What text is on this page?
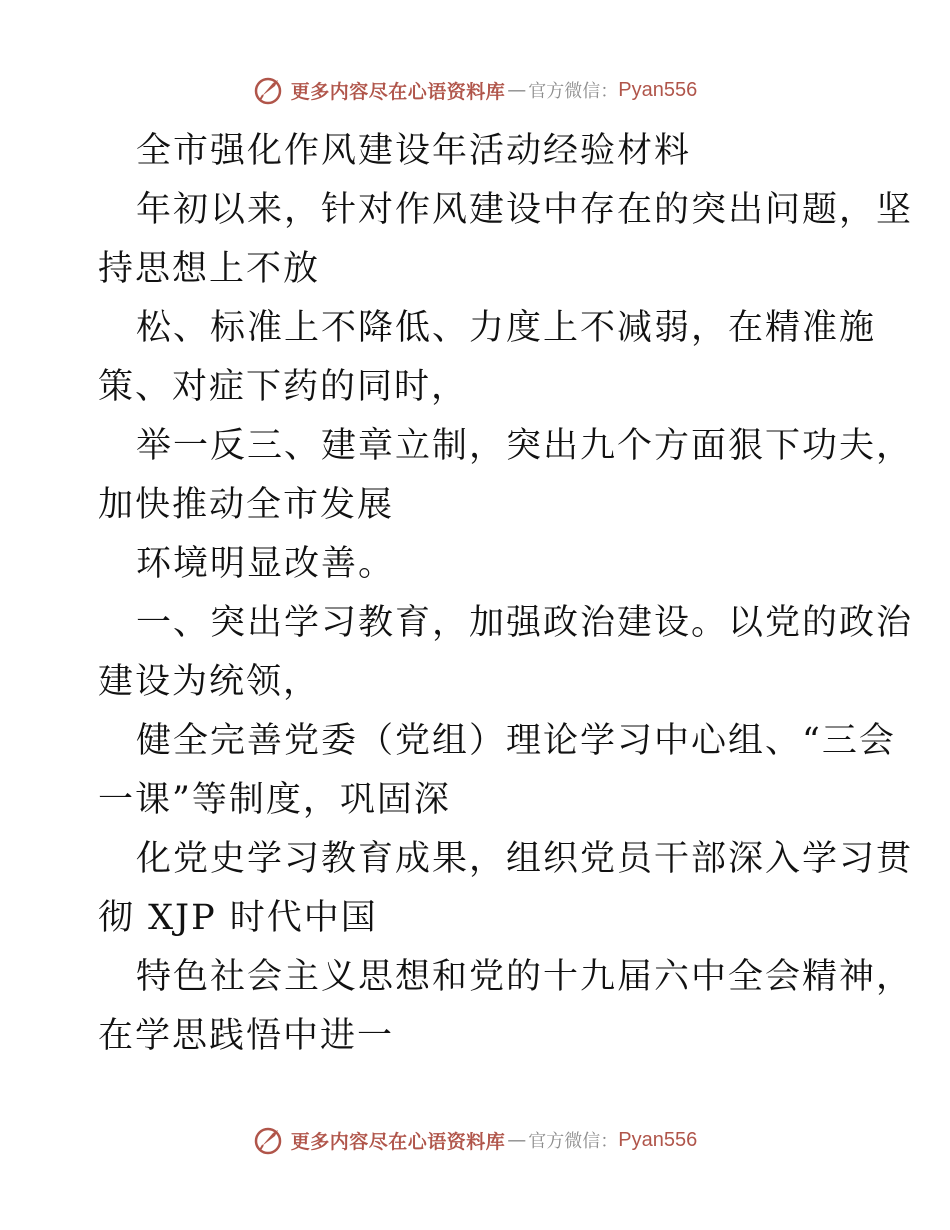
更多内容尽在心语资料库 — 官方微信： Pyan556
全市强化作风建设年活动经验材料
年初以来，针对作风建设中存在的突出问题，坚
持思想上不放
松、标准上不降低、力度上不减弱，在精准施
策、对症下药的同时，
举一反三、建章立制，突出九个方面狠下功夫，
加快推动全市发展
环境明显改善。
一、突出学习教育，加强政治建设。以党的政治
建设为统领，
健全完善党委（党组）理论学习中心组、“三会
一课”等制度，巩固深
化党史学习教育成果，组织党员干部深入学习贯
彻 XJP 时代中国
特色社会主义思想和党的十九届六中全会精神，
在学思践悟中进一
更多内容尽在心语资料库 — 官方微信： Pyan556
